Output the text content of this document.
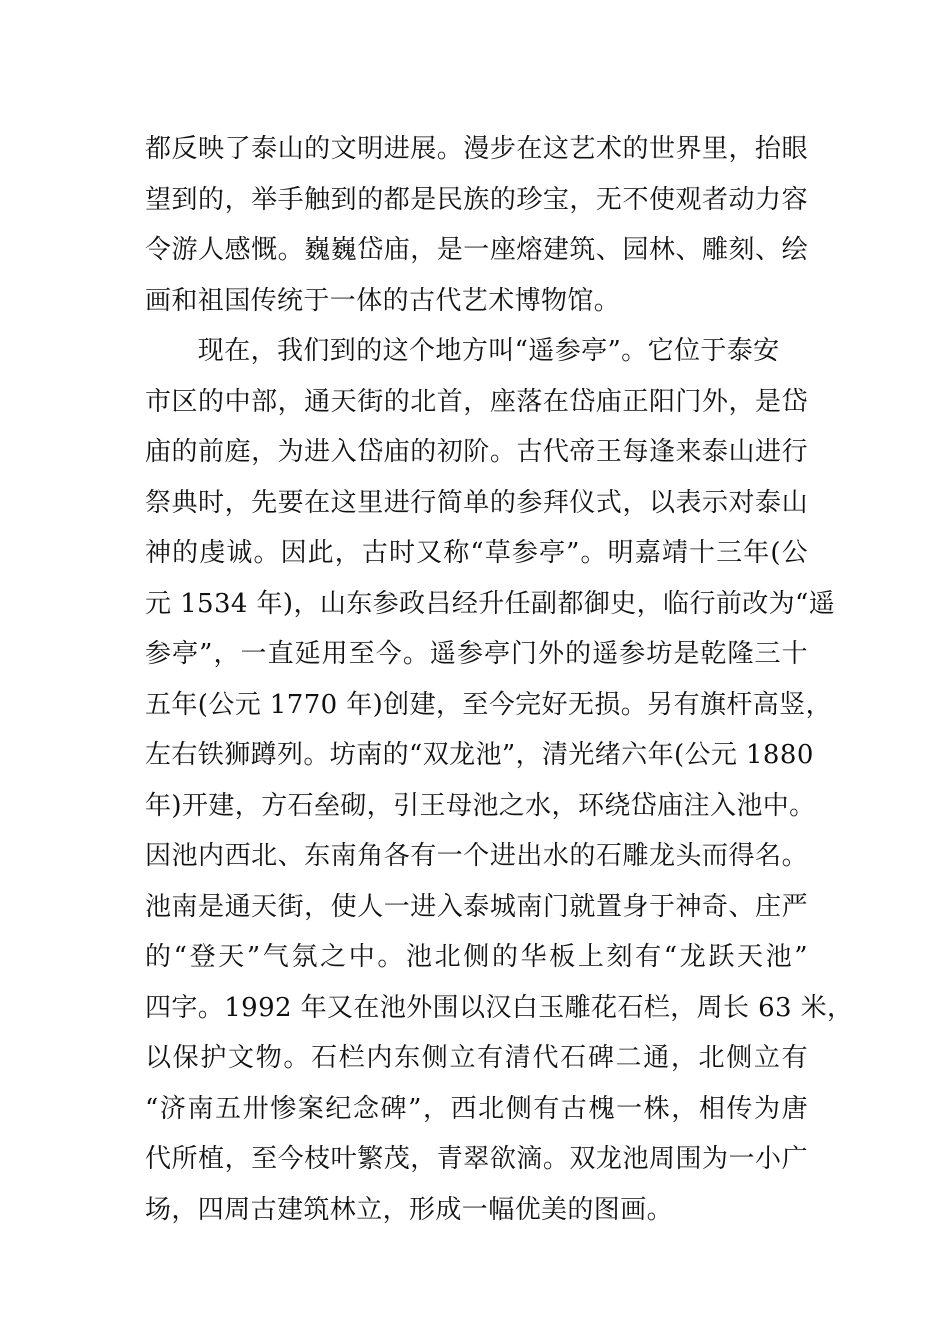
都反映了泰山的文明进展。漫步在这艺术的世界里，抬眼
望到的，举手触到的都是民族的珍宝，无不使观者动力容
令游人感慨。巍巍岱庙，是一座熔建筑、园林、雕刻、绘
画和祖国传统于一体的古代艺术博物馆。
　　现在，我们到的这个地方叫“遥参亭”。它位于泰安
市区的中部，通天街的北首，座落在岱庙正阳门外，是岱
庙的前庭，为进入岱庙的初阶。古代帝王每逢来泰山进行
祭典时，先要在这里进行简单的参拜仪式，以表示对泰山
神的虔诚。因此，古时又称“草参亭”。明嘉靖十三年(公
元 1534 年)，山东参政吕经升任副都御史，临行前改为“遥
参亭”，一直延用至今。遥参亭门外的遥参坊是乾隆三十
五年(公元 1770 年)创建，至今完好无损。另有旗杆高竖，
左右铁狮蹲列。坊南的“双龙池”，清光绪六年(公元 1880
年)开建，方石垒砌，引王母池之水，环绕岱庙注入池中。
因池内西北、东南角各有一个进出水的石雕龙头而得名。
池南是通天街，使人一进入泰城南门就置身于神奇、庄严
的“登天”气氛之中。池北侧的华板上刻有“龙跃天池”
四字。1992 年又在池外围以汉白玉雕花石栏，周长 63 米，
以保护文物。石栏内东侧立有清代石碑二通，北侧立有
“济南五卅惨案纪念碑”，西北侧有古槐一株，相传为唐
代所植，至今枝叶繁茂，青翠欲滴。双龙池周围为一小广
场，四周古建筑林立，形成一幅优美的图画。
